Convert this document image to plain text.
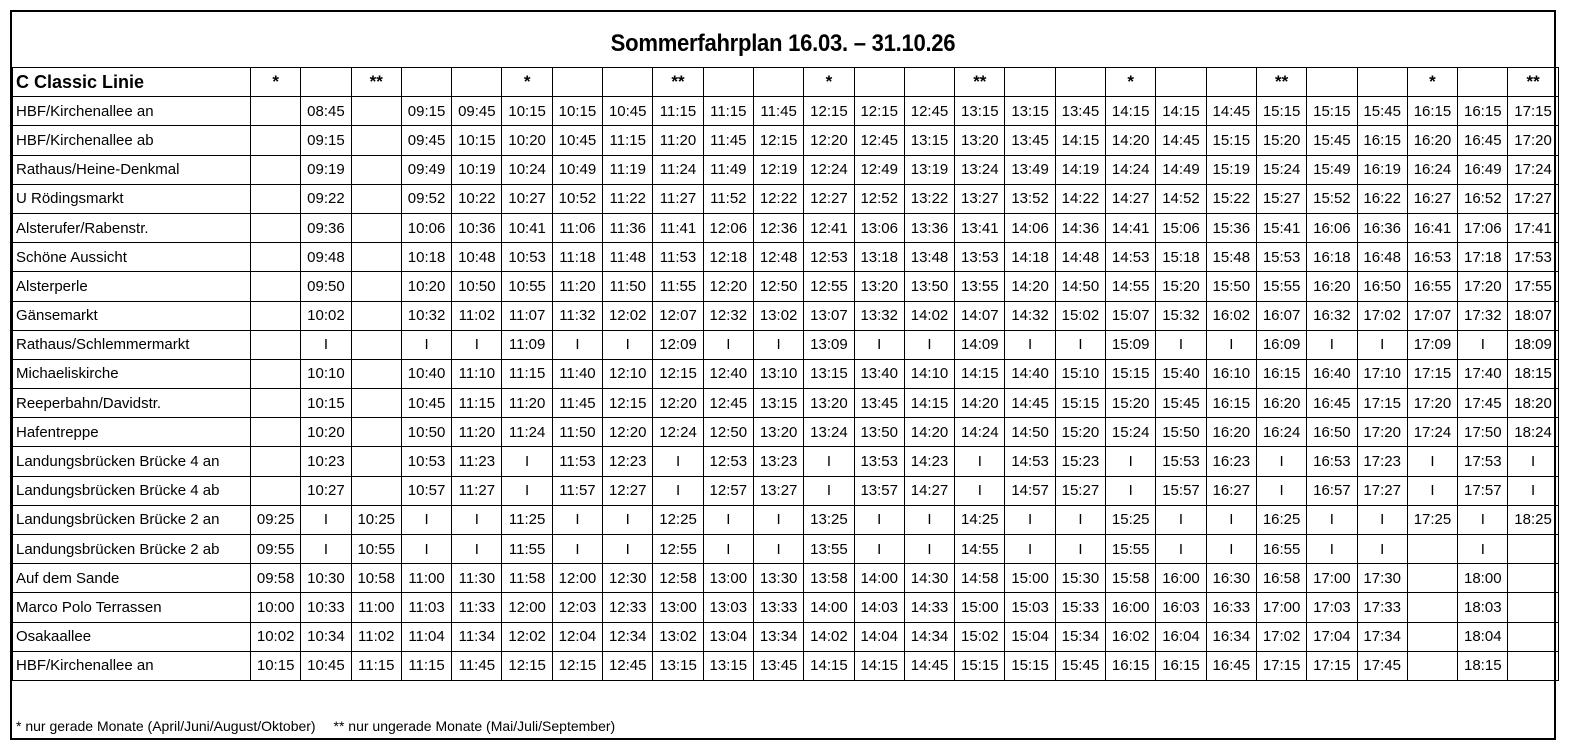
Sommerfahrplan 16.03. – 31.10.26
C Classic Linie	*		**			*			**			*			**			*			**			*		**
HBF/Kirchenallee an		08:45		09:15	09:45	10:15	10:15	10:45	11:15	11:15	11:45	12:15	12:15	12:45	13:15	13:15	13:45	14:15	14:15	14:45	15:15	15:15	15:45	16:15	16:15	17:15
HBF/Kirchenallee ab		09:15		09:45	10:15	10:20	10:45	11:15	11:20	11:45	12:15	12:20	12:45	13:15	13:20	13:45	14:15	14:20	14:45	15:15	15:20	15:45	16:15	16:20	16:45	17:20
Rathaus/Heine-Denkmal		09:19		09:49	10:19	10:24	10:49	11:19	11:24	11:49	12:19	12:24	12:49	13:19	13:24	13:49	14:19	14:24	14:49	15:19	15:24	15:49	16:19	16:24	16:49	17:24
U Rödingsmarkt		09:22		09:52	10:22	10:27	10:52	11:22	11:27	11:52	12:22	12:27	12:52	13:22	13:27	13:52	14:22	14:27	14:52	15:22	15:27	15:52	16:22	16:27	16:52	17:27
Alsterufer/Rabenstr.		09:36		10:06	10:36	10:41	11:06	11:36	11:41	12:06	12:36	12:41	13:06	13:36	13:41	14:06	14:36	14:41	15:06	15:36	15:41	16:06	16:36	16:41	17:06	17:41
Schöne Aussicht		09:48		10:18	10:48	10:53	11:18	11:48	11:53	12:18	12:48	12:53	13:18	13:48	13:53	14:18	14:48	14:53	15:18	15:48	15:53	16:18	16:48	16:53	17:18	17:53
Alsterperle		09:50		10:20	10:50	10:55	11:20	11:50	11:55	12:20	12:50	12:55	13:20	13:50	13:55	14:20	14:50	14:55	15:20	15:50	15:55	16:20	16:50	16:55	17:20	17:55
Gänsemarkt		10:02		10:32	11:02	11:07	11:32	12:02	12:07	12:32	13:02	13:07	13:32	14:02	14:07	14:32	15:02	15:07	15:32	16:02	16:07	16:32	17:02	17:07	17:32	18:07
Rathaus/Schlemmermarkt		I		I	I	11:09	I	I	12:09	I	I	13:09	I	I	14:09	I	I	15:09	I	I	16:09	I	I	17:09	I	18:09
Michaeliskirche		10:10		10:40	11:10	11:15	11:40	12:10	12:15	12:40	13:10	13:15	13:40	14:10	14:15	14:40	15:10	15:15	15:40	16:10	16:15	16:40	17:10	17:15	17:40	18:15
Reeperbahn/Davidstr.		10:15		10:45	11:15	11:20	11:45	12:15	12:20	12:45	13:15	13:20	13:45	14:15	14:20	14:45	15:15	15:20	15:45	16:15	16:20	16:45	17:15	17:20	17:45	18:20
Hafentreppe		10:20		10:50	11:20	11:24	11:50	12:20	12:24	12:50	13:20	13:24	13:50	14:20	14:24	14:50	15:20	15:24	15:50	16:20	16:24	16:50	17:20	17:24	17:50	18:24
Landungsbrücken Brücke 4 an		10:23		10:53	11:23	I	11:53	12:23	I	12:53	13:23	I	13:53	14:23	I	14:53	15:23	I	15:53	16:23	I	16:53	17:23	I	17:53	I
Landungsbrücken Brücke 4 ab		10:27		10:57	11:27	I	11:57	12:27	I	12:57	13:27	I	13:57	14:27	I	14:57	15:27	I	15:57	16:27	I	16:57	17:27	I	17:57	I
Landungsbrücken Brücke 2 an	09:25	I	10:25	I	I	11:25	I	I	12:25	I	I	13:25	I	I	14:25	I	I	15:25	I	I	16:25	I	I	17:25	I	18:25
Landungsbrücken Brücke 2 ab	09:55	I	10:55	I	I	11:55	I	I	12:55	I	I	13:55	I	I	14:55	I	I	15:55	I	I	16:55	I	I		I	
Auf dem Sande	09:58	10:30	10:58	11:00	11:30	11:58	12:00	12:30	12:58	13:00	13:30	13:58	14:00	14:30	14:58	15:00	15:30	15:58	16:00	16:30	16:58	17:00	17:30		18:00	
Marco Polo Terrassen	10:00	10:33	11:00	11:03	11:33	12:00	12:03	12:33	13:00	13:03	13:33	14:00	14:03	14:33	15:00	15:03	15:33	16:00	16:03	16:33	17:00	17:03	17:33		18:03	
Osakaallee	10:02	10:34	11:02	11:04	11:34	12:02	12:04	12:34	13:02	13:04	13:34	14:02	14:04	14:34	15:02	15:04	15:34	16:02	16:04	16:34	17:02	17:04	17:34		18:04	
HBF/Kirchenallee an	10:15	10:45	11:15	11:15	11:45	12:15	12:15	12:45	13:15	13:15	13:45	14:15	14:15	14:45	15:15	15:15	15:45	16:15	16:15	16:45	17:15	17:15	17:45		18:15	
* nur gerade Monate (April/Juni/August/Oktober) ** nur ungerade Monate (Mai/Juli/September)
